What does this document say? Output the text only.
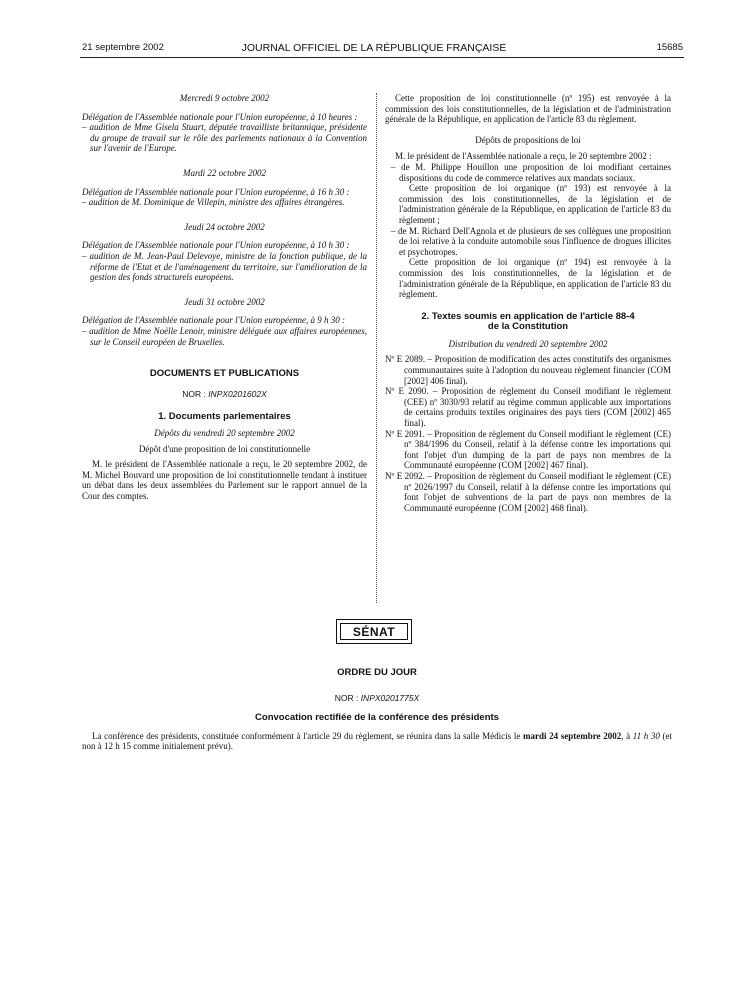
21 septembre 2002	JOURNAL OFFICIEL DE LA RÉPUBLIQUE FRANÇAISE	15685

Mercredi 9 octobre 2002

Délégation de l'Assemblée nationale pour l'Union européenne, à 10 heures :

– audition de Mme Gisela Stuart, députée travailliste britannique, présidente du groupe de travail sur le rôle des parlements nationaux à la Convention sur l'avenir de l'Europe.

Mardi 22 octobre 2002

Délégation de l'Assemblée nationale pour l'Union européenne, à 16 h 30 :

– audition de M. Dominique de Villepin, ministre des affaires étrangères.

Jeudi 24 octobre 2002

Délégation de l'Assemblée nationale pour l'Union européenne, à 10 h 30 :

– audition de M. Jean-Paul Delevoye, ministre de la fonction publique, de la réforme de l'Etat et de l'aménagement du territoire, sur l'amélioration de la gestion des fonds structurels européens.

Jeudi 31 octobre 2002

Délégation de l'Assemblée nationale pour l'Union européenne, à 9 h 30 :

– audition de Mme Noëlle Lenoir, ministre déléguée aux affaires européennes, sur le Conseil européen de Bruxelles.

DOCUMENTS ET PUBLICATIONS

NOR : INPX0201602X

1. Documents parlementaires

Dépôts du vendredi 20 septembre 2002

Dépôt d'une proposition de loi constitutionnelle

M. le président de l'Assemblée nationale a reçu, le 20 septembre 2002, de M. Michel Bouvard une proposition de loi constitutionnelle tendant à instituer un débat dans les deux assemblées du Parlement sur le rapport annuel de la Cour des comptes.

Cette proposition de loi constitutionnelle (nº 195) est renvoyée à la commission des lois constitutionnelles, de la législation et de l'administration générale de la République, en application de l'article 83 du règlement.

Dépôts de propositions de loi

M. le président de l'Assemblée nationale a reçu, le 20 septembre 2002 :

– de M. Philippe Houillon une proposition de loi modifiant certaines dispositions du code de commerce relatives aux mandats sociaux.

Cette proposition de loi organique (nº 193) est renvoyée à la commission des lois constitutionnelles, de la législation et de l'administration générale de la République, en application de l'article 83 du règlement ;

– de M. Richard Dell'Agnola et de plusieurs de ses collègues une proposition de loi relative à la conduite automobile sous l'influence de drogues illicites et psychotropes.

Cette proposition de loi organique (nº 194) est renvoyée à la commission des lois constitutionnelles, de la législation et de l'administration générale de la République, en application de l'article 83 du règlement.

2. Textes soumis en application de l'article 88-4

de la Constitution

Distribution du vendredi 20 septembre 2002

Nº E 2089. – Proposition de modification des actes constitutifs des organismes communautaires suite à l'adoption du nouveau règlement financier (COM [2002] 406 final).

Nº E 2090. – Proposition de règlement du Conseil modifiant le règlement (CEE) nº 3030/93 relatif au régime commun applicable aux importations de certains produits textiles originaires des pays tiers (COM [2002] 465 final).

Nº E 2091. – Proposition de règlement du Conseil modifiant le règlement (CE) nº 384/1996 du Conseil, relatif à la défense contre les importations qui font l'objet d'un dumping de la part de pays non membres de la Communauté européenne (COM [2002] 467 final).

Nº E 2092. – Proposition de règlement du Conseil modifiant le règlement (CE) nº 2026/1997 du Conseil, relatif à la défense contre les importations qui font l'objet de subventions de la part de pays non membres de la Communauté européenne (COM [2002] 468 final).

SÉNAT

ORDRE DU JOUR

NOR : INPX0201775X

Convocation rectifiée de la conférence des présidents

La conférence des présidents, constituée conformément à l'article 29 du règlement, se réunira dans la salle Médicis le mardi 24 septembre 2002, à 11 h 30 (et non à 12 h 15 comme initialement prévu).
